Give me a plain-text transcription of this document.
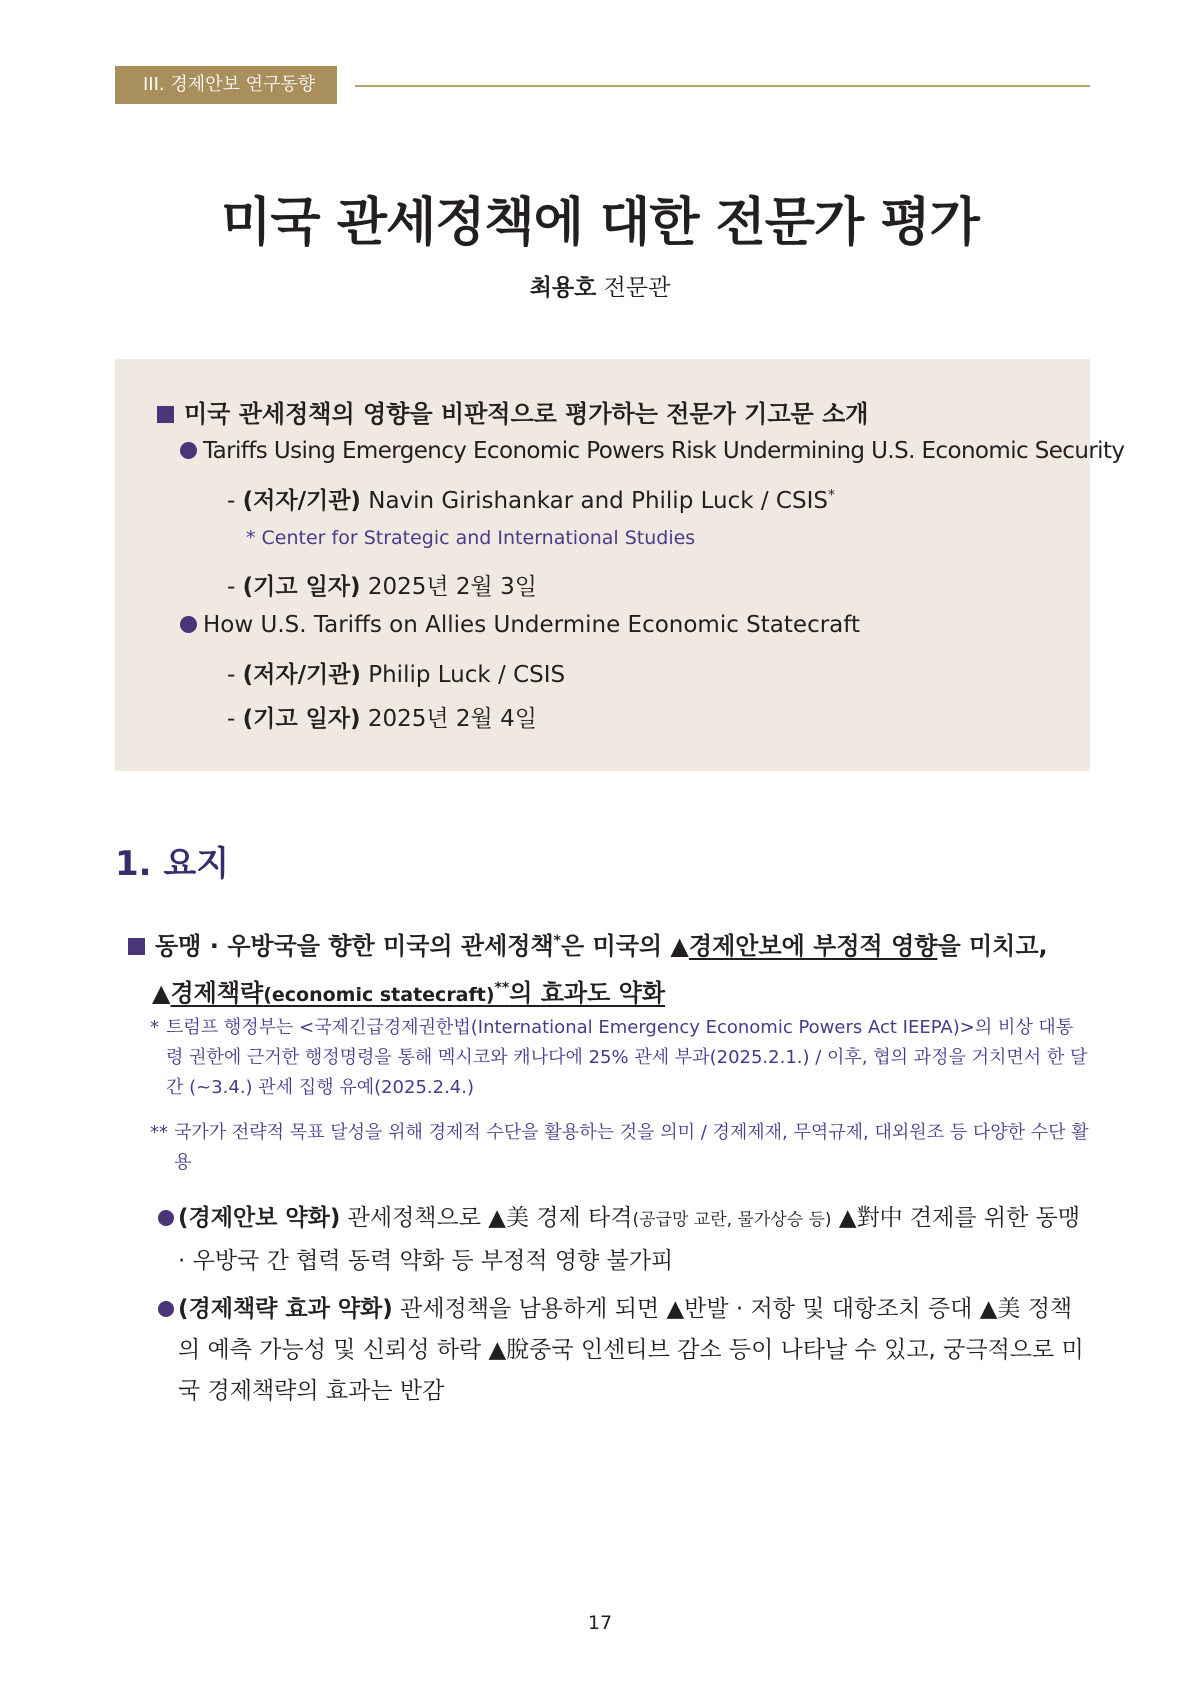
III. 경제안보 연구동향
미국 관세정책에 대한 전문가 평가
최용호 전문관
미국 관세정책의 영향을 비판적으로 평가하는 전문가 기고문 소개
Tariffs Using Emergency Economic Powers Risk Undermining U.S. Economic Security
- (저자/기관) Navin Girishankar and Philip Luck / CSIS*
* Center for Strategic and International Studies
- (기고 일자) 2025년 2월 3일
How U.S. Tariffs on Allies Undermine Economic Statecraft
- (저자/기관) Philip Luck / CSIS
- (기고 일자) 2025년 2월 4일
1. 요지
동맹 · 우방국을 향한 미국의 관세정책*은 미국의 ▲경제안보에 부정적 영향을 미치고,
▲경제책략(economic statecraft)**의 효과도 약화
* 트럼프 행정부는 <국제긴급경제권한법(International Emergency Economic Powers Act IEEPA)>의 비상 대통령 권한에 근거한 행정명령을 통해 멕시코와 캐나다에 25% 관세 부과(2025.2.1.) / 이후, 협의 과정을 거치면서 한 달간 (~3.4.) 관세 집행 유예(2025.2.4.)
** 국가가 전략적 목표 달성을 위해 경제적 수단을 활용하는 것을 의미 / 경제제재, 무역규제, 대외원조 등 다양한 수단 활용
(경제안보 약화) 관세정책으로 ▲美 경제 타격(공급망 교란, 물가상승 등) ▲對中 견제를 위한 동맹 · 우방국 간 협력 동력 약화 등 부정적 영향 불가피
(경제책략 효과 약화) 관세정책을 남용하게 되면 ▲반발 · 저항 및 대항조치 증대 ▲美 정책의 예측 가능성 및 신뢰성 하락 ▲脫중국 인센티브 감소 등이 나타날 수 있고, 궁극적으로 미국 경제책략의 효과는 반감
17
